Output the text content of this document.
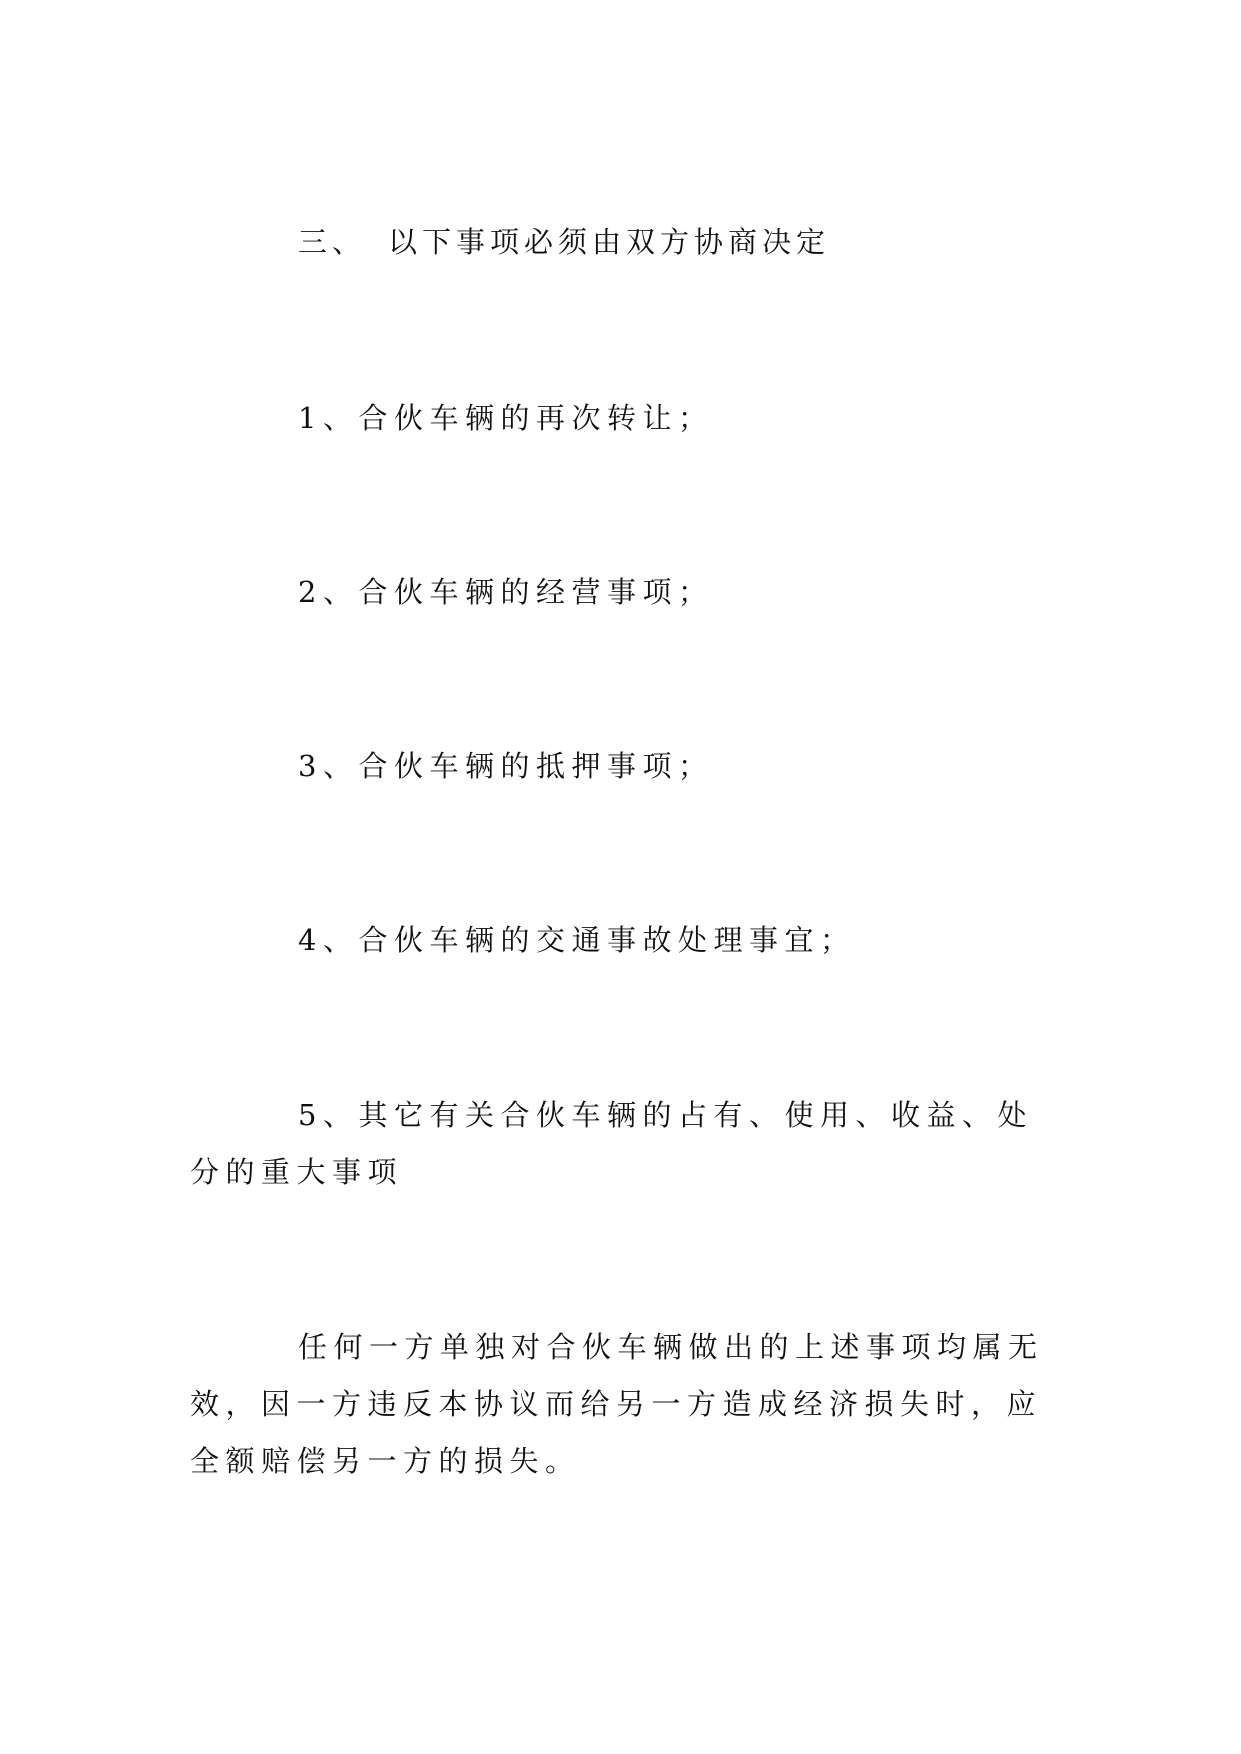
三、 以下事项必须由双方协商决定
1、合伙车辆的再次转让；
2、合伙车辆的经营事项；
3、合伙车辆的抵押事项；
4、合伙车辆的交通事故处理事宜；
5、其它有关合伙车辆的占有、使用、收益、处分的重大事项
任何一方单独对合伙车辆做出的上述事项均属无效，因一方违反本协议而给另一方造成经济损失时，应全额赔偿另一方的损失。
